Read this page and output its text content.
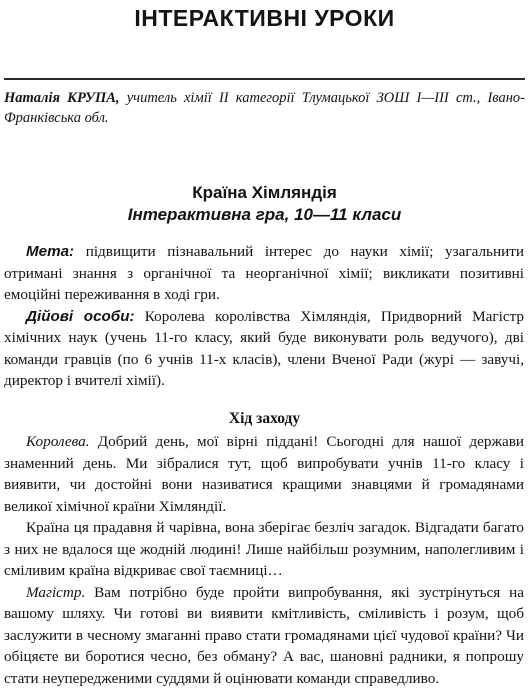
ІНТЕРАКТИВНІ УРОКИ
Наталія КРУПА, учитель хімії II категорії Тлумацької ЗОШ I—III ст., Івано-Франківська обл.
Країна Хімляндія
Інтерактивна гра, 10—11 класи

Мета: підвищити пізнавальний інтерес до науки хімії; узагальнити отримані знання з органічної та неорганічної хімії; викликати позитивні емоційні переживання в ході гри.

Дійові особи: Королева королівства Хімляндія, Придворний Магістр хімічних наук (учень 11-го класу, який буде виконувати роль ведучого), дві команди гравців (по 6 учнів 11-х класів), члени Вченої Ради (журі — завучі, директор і вчителі хімії).

Хід заходу

Королева. Добрий день, мої вірні піддані! Сьогодні для нашої держави знаменний день. Ми зібралися тут, щоб випробувати учнів 11-го класу і виявити, чи достойні вони називатися кращими знавцями й громадянами великої хімічної країни Хімляндії.

Країна ця прадавня й чарівна, вона зберігає безліч загадок. Відгадати багато з них не вдалося ще жодній людині! Лише найбільш розумним, наполегливим і сміливим країна відкриває свої таємниці…

Магістр. Вам потрібно буде пройти випробування, які зустрінуться на вашому шляху. Чи готові ви виявити кмітливість, сміливість і розум, щоб заслужити в чесному змаганні право стати громадянами цієї чудової країни? Чи обіцяєте ви боротися чесно, без обману? А вас, шановні радники, я попрошу стати неупередженими суддями й оцінювати команди справедливо.
